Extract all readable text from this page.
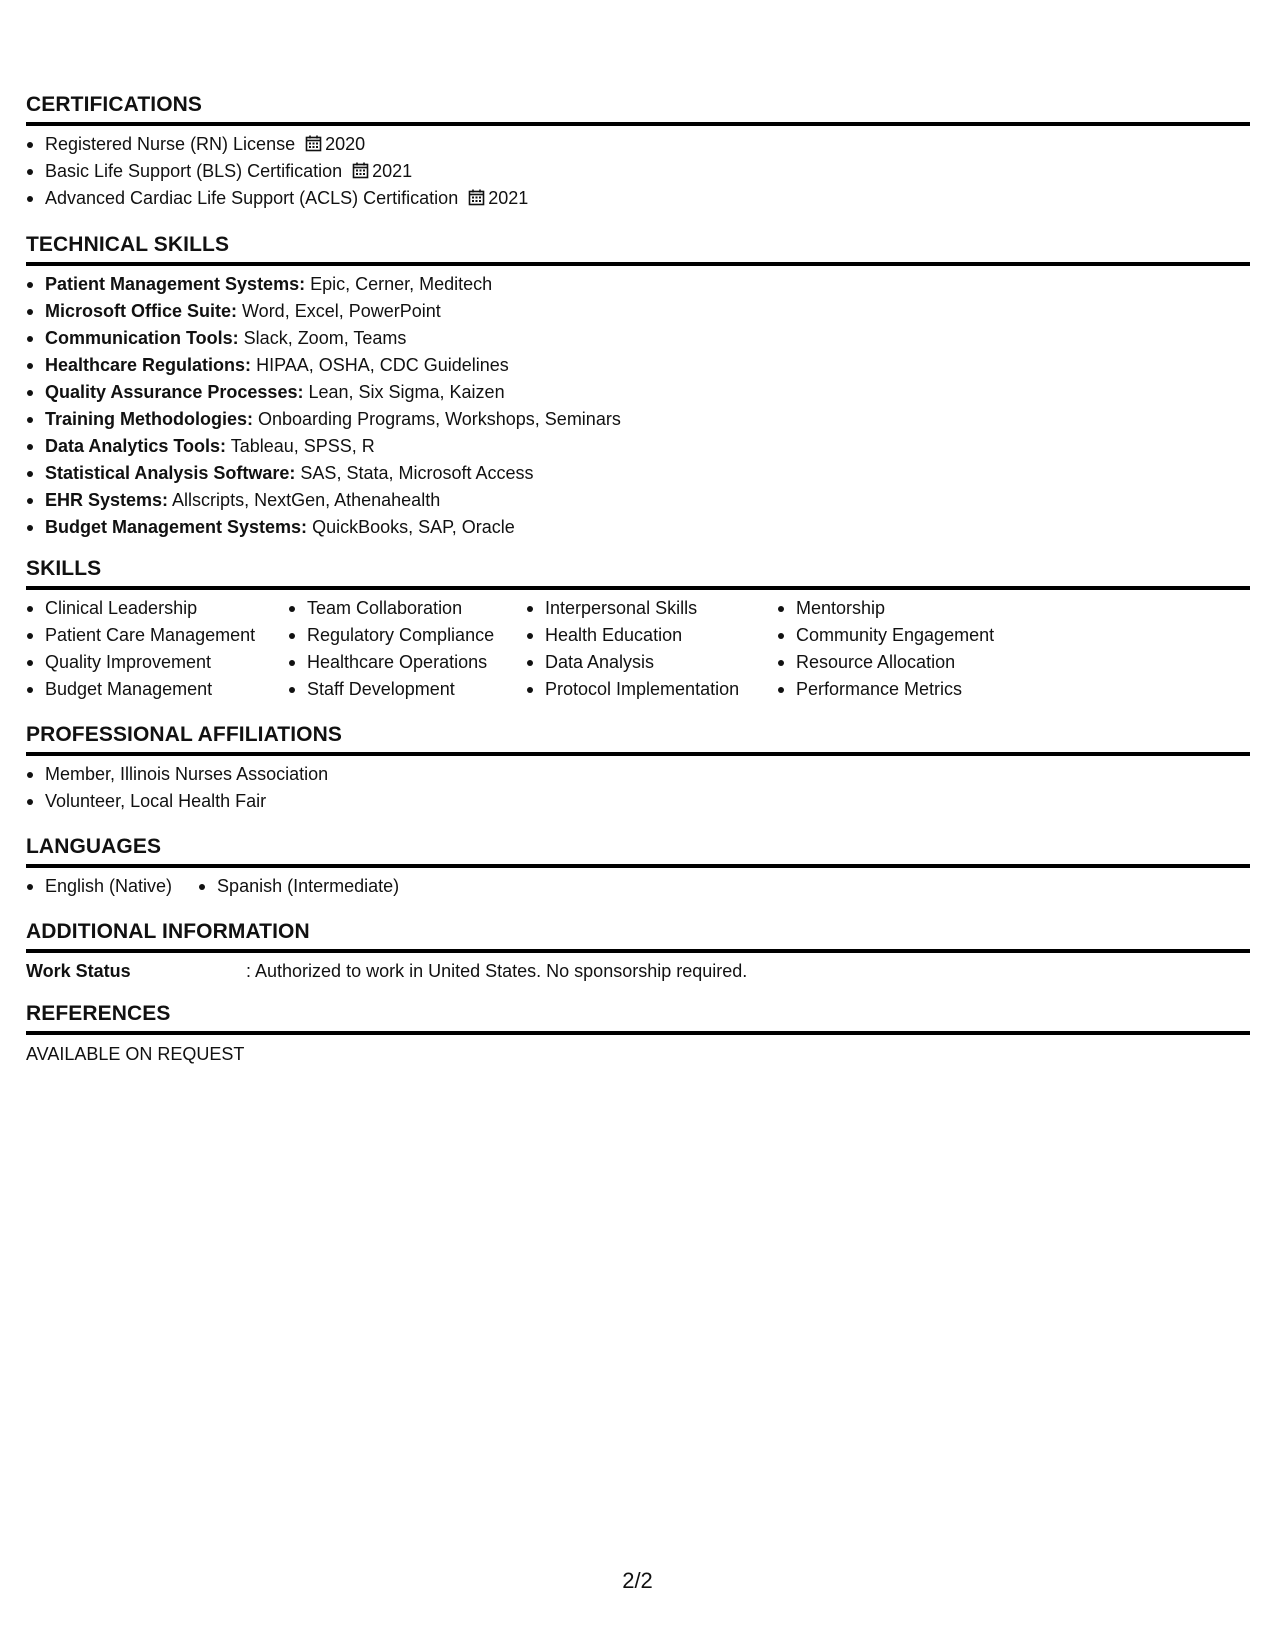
CERTIFICATIONS
Registered Nurse (RN) License 2020
Basic Life Support (BLS) Certification 2021
Advanced Cardiac Life Support (ACLS) Certification 2021
TECHNICAL SKILLS
Patient Management Systems: Epic, Cerner, Meditech
Microsoft Office Suite: Word, Excel, PowerPoint
Communication Tools: Slack, Zoom, Teams
Healthcare Regulations: HIPAA, OSHA, CDC Guidelines
Quality Assurance Processes: Lean, Six Sigma, Kaizen
Training Methodologies: Onboarding Programs, Workshops, Seminars
Data Analytics Tools: Tableau, SPSS, R
Statistical Analysis Software: SAS, Stata, Microsoft Access
EHR Systems: Allscripts, NextGen, Athenahealth
Budget Management Systems: QuickBooks, SAP, Oracle
SKILLS
Clinical Leadership
Patient Care Management
Quality Improvement
Budget Management
Team Collaboration
Regulatory Compliance
Healthcare Operations
Staff Development
Interpersonal Skills
Health Education
Data Analysis
Protocol Implementation
Mentorship
Community Engagement
Resource Allocation
Performance Metrics
PROFESSIONAL AFFILIATIONS
Member, Illinois Nurses Association
Volunteer, Local Health Fair
LANGUAGES
English (Native)	Spanish (Intermediate)
ADDITIONAL INFORMATION
Work Status	: Authorized to work in United States. No sponsorship required.
REFERENCES
AVAILABLE ON REQUEST
2/2
